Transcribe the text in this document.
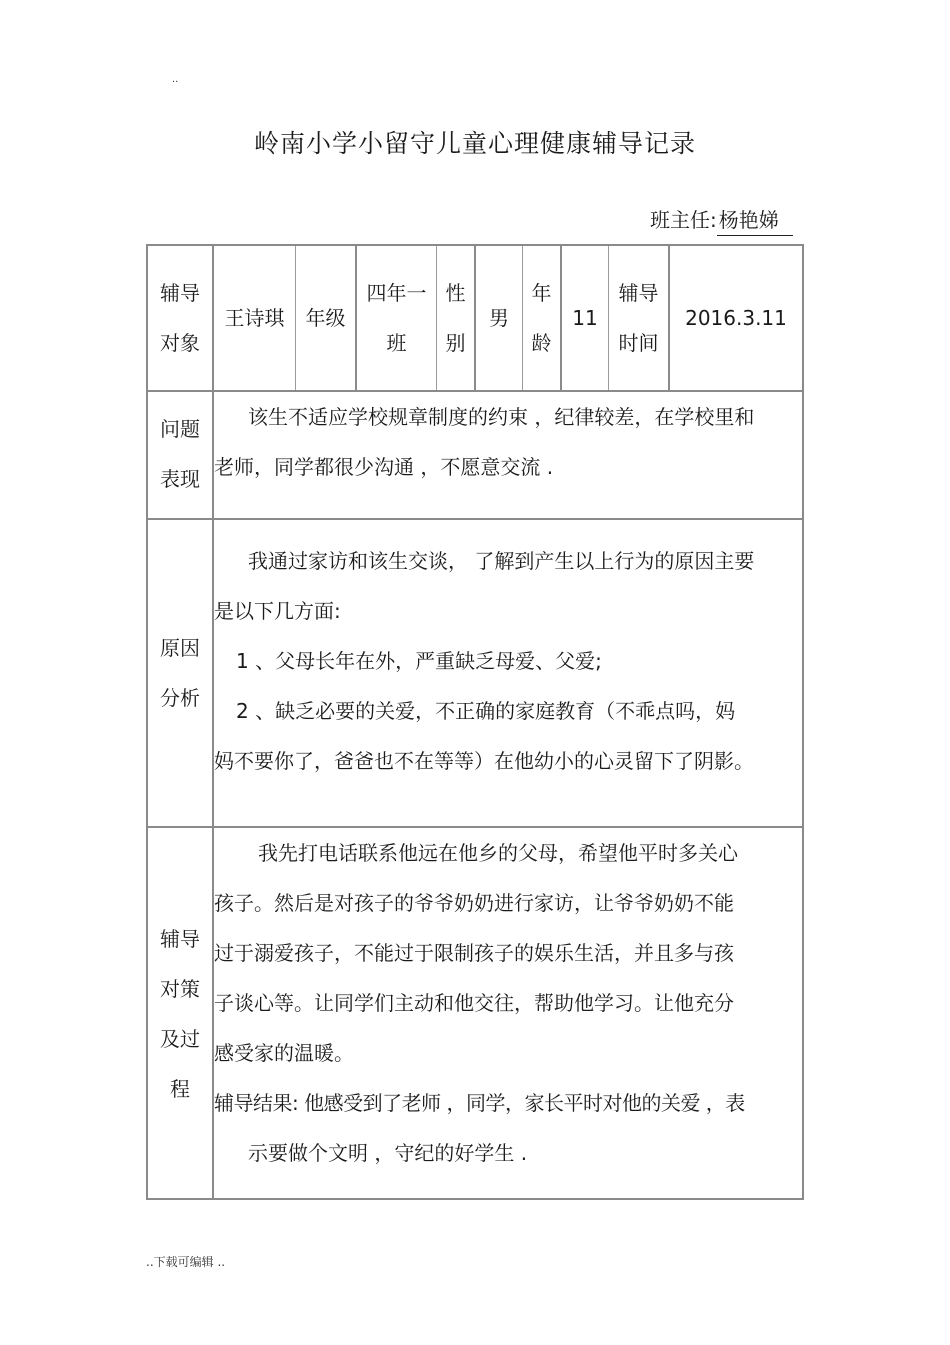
..
岭南小学小留守儿童心理健康辅导记录
班主任: 杨艳娣
辅导
对象
王诗琪	年级
四年一
班
性
别
男
年
龄
11
辅导
时间
2016.3.11
问题
表现
该生不适应学校规章制度的约束 ，纪律较差，在学校里和
老师，同学都很少沟通 ，不愿意交流 .
原因
分析
我通过家访和该生交谈， 了解到产生以上行为的原因主要
是以下几方面:
1 、父母长年在外，严重缺乏母爱、父爱;
2 、缺乏必要的关爱，不正确的家庭教育（不乖点吗，妈
妈不要你了，爸爸也不在等等）在他幼小的心灵留下了阴影。
辅导
对策
及过
程
我先打电话联系他远在他乡的父母，希望他平时多关心
孩子。然后是对孩子的爷爷奶奶进行家访，让爷爷奶奶不能
过于溺爱孩子，不能过于限制孩子的娱乐生活，并且多与孩
子谈心等。让同学们主动和他交往，帮助他学习。让他充分
感受家的温暖。
辅导结果: 他感受到了老师 ，同学，家长平时对他的关爱 ，表
示要做个文明 ，守纪的好学生 .
..下载可编辑 ..
